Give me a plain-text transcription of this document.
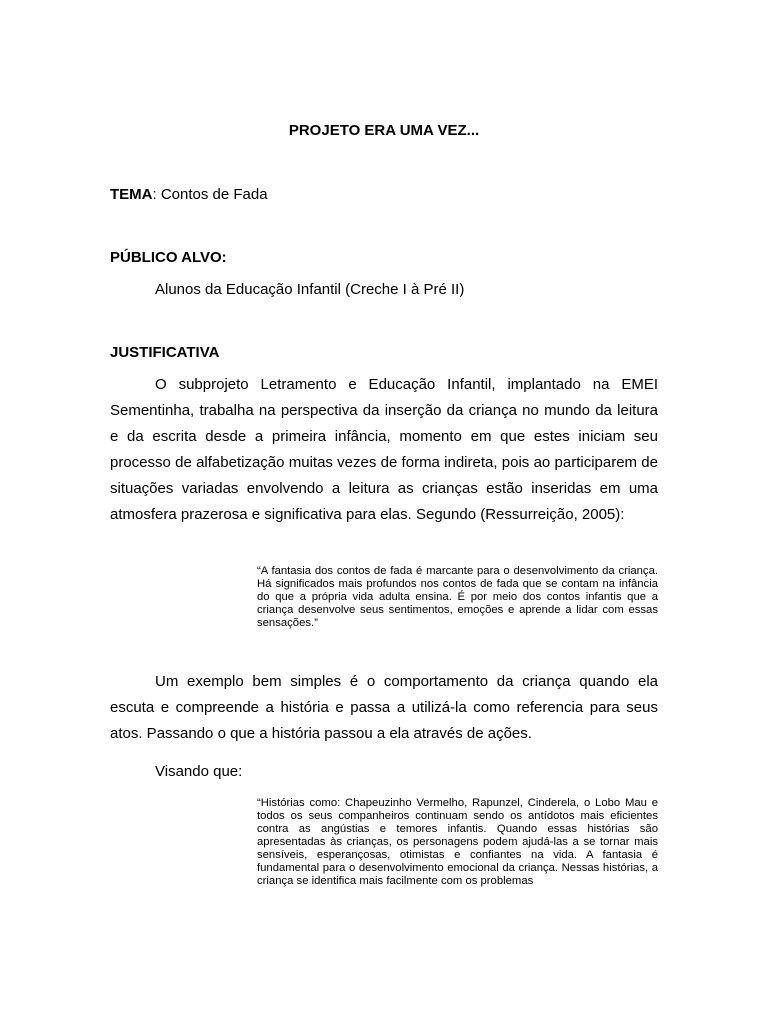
PROJETO ERA UMA VEZ...
TEMA: Contos de Fada
PÚBLICO ALVO:
Alunos da Educação Infantil (Creche I à Pré II)
JUSTIFICATIVA

O subprojeto Letramento e Educação Infantil, implantado na EMEI Sementinha, trabalha na perspectiva da inserção da criança no mundo da leitura e da escrita desde a primeira infância, momento em que estes iniciam seu processo de alfabetização muitas vezes de forma indireta, pois ao participarem de situações variadas envolvendo a leitura as crianças estão inseridas em uma atmosfera prazerosa e significativa para elas. Segundo (Ressurreição, 2005):

“A fantasia dos contos de fada é marcante para o desenvolvimento da criança. Há significados mais profundos nos contos de fada que se contam na infância do que a própria vida adulta ensina. É por meio dos contos infantis que a criança desenvolve seus sentimentos, emoções e aprende a lidar com essas sensações.”

Um exemplo bem simples é o comportamento da criança quando ela escuta e compreende a história e passa a utilizá-la como referencia para seus atos. Passando o que a história passou a ela através de ações.

Visando que:

“Histórias como: Chapeuzinho Vermelho, Rapunzel, Cinderela, o Lobo Mau e todos os seus companheiros continuam sendo os antídotos mais eficientes contra as angústias e temores infantis. Quando essas histórias são apresentadas às crianças, os personagens podem ajudá-las a se tornar mais sensíveis, esperançosas, otimistas e confiantes na vida. A fantasia é fundamental para o desenvolvimento emocional da criança. Nessas histórias, a criança se identifica mais facilmente com os problemas
